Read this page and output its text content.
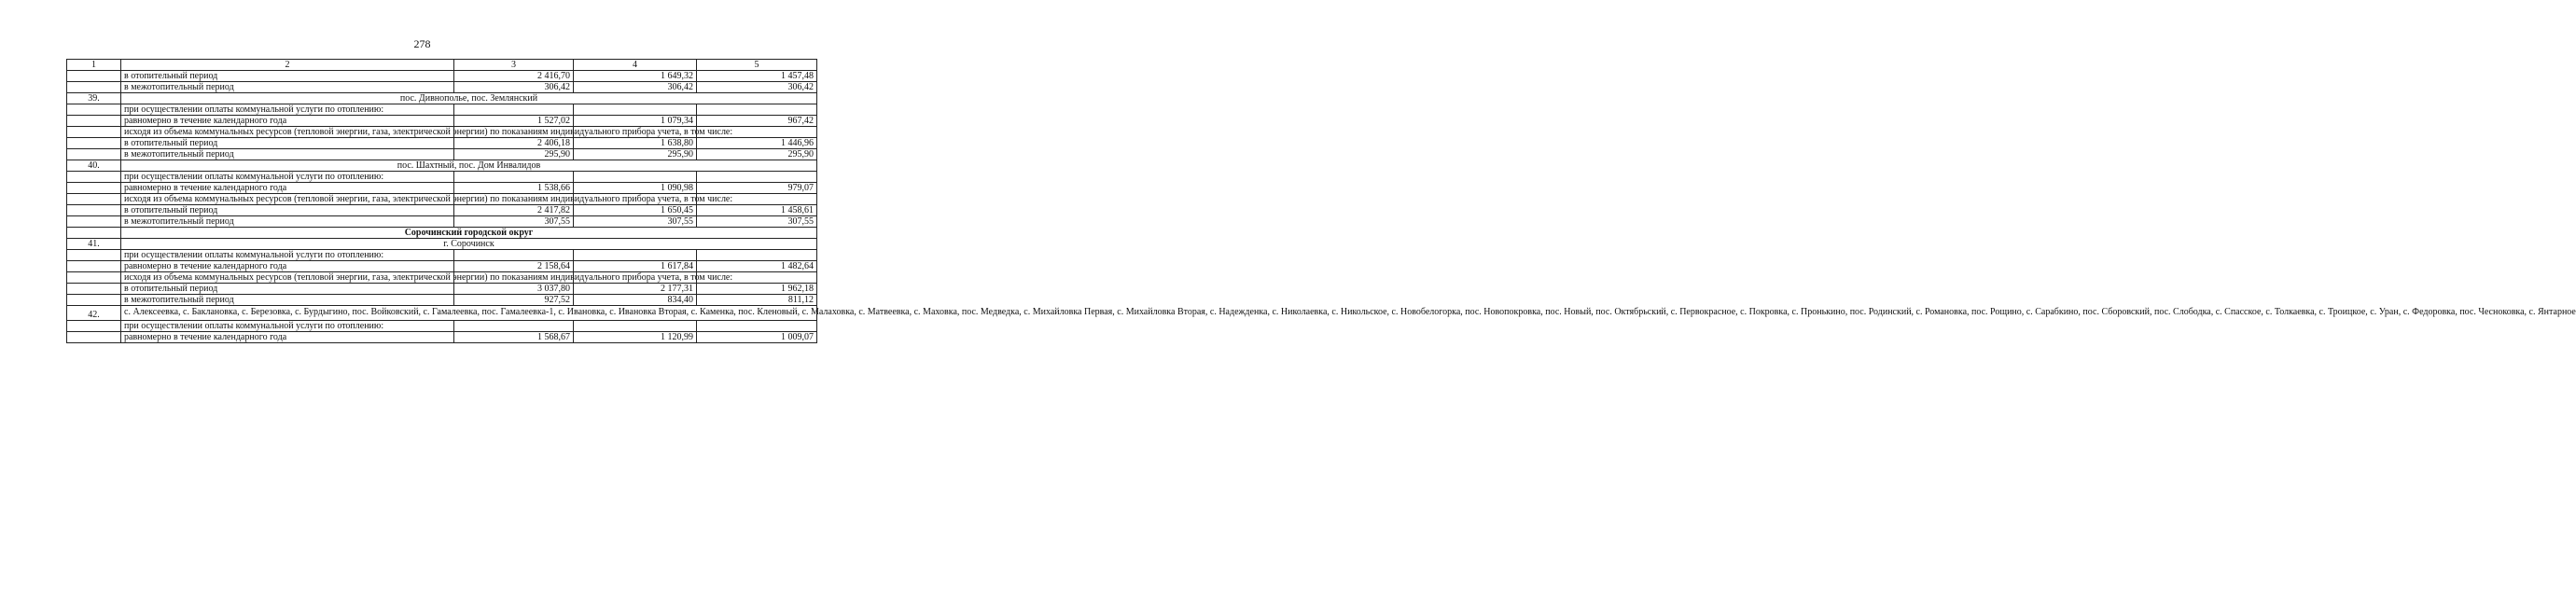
278
1	2	3	4	5
	в отопительный период	2 416,70	1 649,32	1 457,48
	в межотопительный период	306,42	306,42	306,42
39.	пос. Дивнополье, пос. Землянский			
	при осуществлении оплаты коммунальной услуги по отоплению:			
	равномерно в течение календарного года	1 527,02	1 079,34	967,42
	исходя из объема коммунальных ресурсов (тепловой энергии, газа, электрической энергии) по показаниям индивидуального прибора учета, в том числе:			
	в отопительный период	2 406,18	1 638,80	1 446,96
	в межотопительный период	295,90	295,90	295,90
40.	пос. Шахтный, пос. Дом Инвалидов			
	при осуществлении оплаты коммунальной услуги по отоплению:			
	равномерно в течение календарного года	1 538,66	1 090,98	979,07
	исходя из объема коммунальных ресурсов (тепловой энергии, газа, электрической энергии) по показаниям индивидуального прибора учета, в том числе:			
	в отопительный период	2 417,82	1 650,45	1 458,61
	в межотопительный период	307,55	307,55	307,55
	Сорочинский городской округ			
41.	г. Сорочинск			
	при осуществлении оплаты коммунальной услуги по отоплению:			
	равномерно в течение календарного года	2 158,64	1 617,84	1 482,64
	исходя из объема коммунальных ресурсов (тепловой энергии, газа, электрической энергии) по показаниям индивидуального прибора учета, в том числе:			
	в отопительный период	3 037,80	2 177,31	1 962,18
	в межотопительный период	927,52	834,40	811,12
42.	с. Алексеевка, с. Баклановка, с. Березовка, с. Бурдыгино, пос. Войковский, с. Гамалеевка, пос. Гамалеевка-1, с. Ивановка, с. Ивановка Вторая, с. Каменка, пос. Кленовый, с. Малаховка, с. Матвеевка, с. Маховка, пос. Медведка, с. Михайловка Первая, с. Михайловка Вторая, с. Надежденка, с. Николаевка, с. Никольское, с. Новобелогорка, пос. Новопокровка, пос. Новый, пос. Октябрьский, с. Первокрасное, с. Покровка, с. Пронькино, пос. Родинский, с. Романовка, пос. Рощино, с. Сарабкино, пос. Сборовский, пос. Слободка, с. Спасское, с. Толкаевка, с. Троицкое, с. Уран, с. Федоровка, пос. Чесноковка, с. Янтарное			
	при осуществлении оплаты коммунальной услуги по отоплению:			
	равномерно в течение календарного года	1 568,67	1 120,99	1 009,07
